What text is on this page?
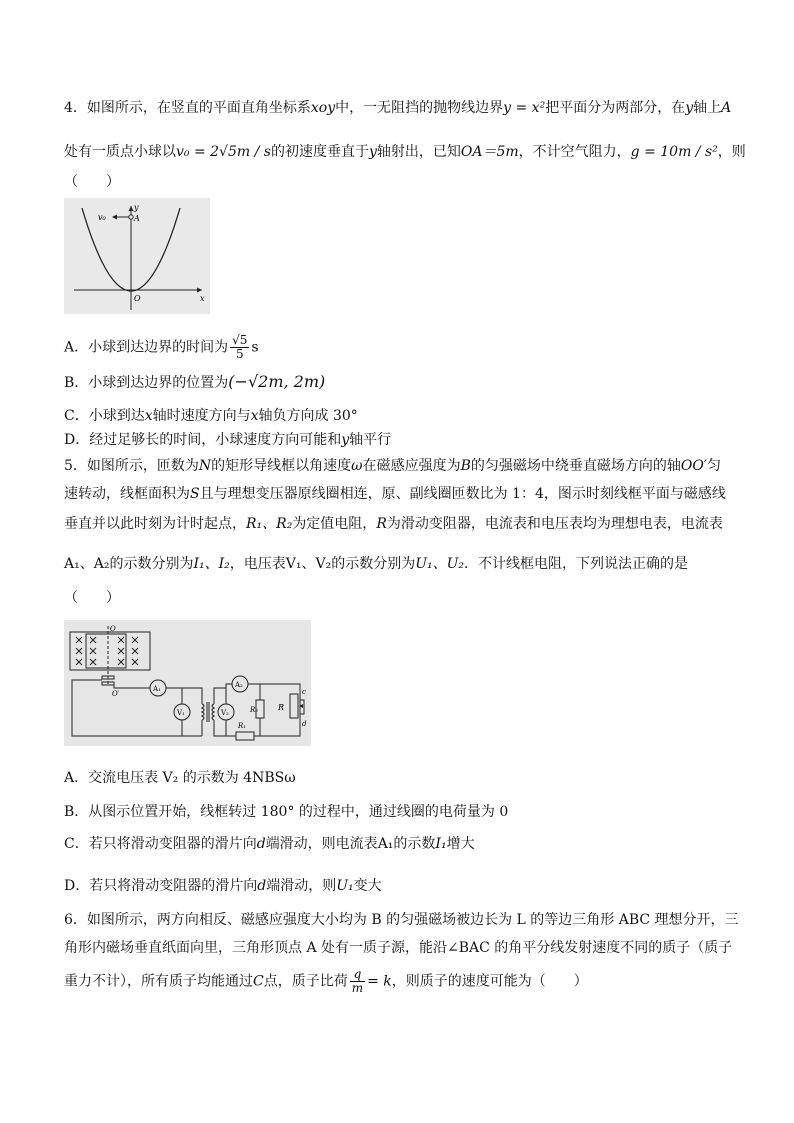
4．如图所示，在竖直的平面直角坐标系xoy中，一无阻挡的抛物线边界y = x²把平面分为两部分，在y轴上A
处有一质点小球以v₀ = 2√5m / s的初速度垂直于y轴射出，已知OA＝5m，不计空气阻力，g = 10m / s²，则
（　　）
v₀	A
y
O	x
A．小球到达边界的时间为 $\frac{√5}{5}$ s
B．小球到达边界的位置为(−√2m, 2m)
C．小球到达x轴时速度方向与x轴负方向成 30°
D．经过足够长的时间，小球速度方向可能和y轴平行
5．如图所示，匝数为N的矩形导线框以角速度ω在磁感应强度为B的匀强磁场中绕垂直磁场方向的轴OO′匀
速转动，线框面积为S且与理想变压器原线圈相连，原、副线圈匝数比为 1：4，图示时刻线框平面与磁感线
垂直并以此时刻为计时起点，R₁、R₂为定值电阻，R为滑动变阻器，电流表和电压表均为理想电表，电流表
A₁、A₂的示数分别为I₁、I₂，电压表V₁、V₂的示数分别为U₁、U₂．不计线框电阻，下列说法正确的是
（　　）
O
O′
A₁
V₁
A₂
V₂	R₂
R₁
R
c
d
A．交流电压表 V₂ 的示数为 4NBSω
B．从图示位置开始，线框转过 180° 的过程中，通过线圈的电荷量为 0
C．若只将滑动变阻器的滑片向d端滑动，则电流表A₁的示数I₁增大
D．若只将滑动变阻器的滑片向d端滑动，则U₁变大
6．如图所示，两方向相反、磁感应强度大小均为 B 的匀强磁场被边长为 L 的等边三角形 ABC 理想分开，三
角形内磁场垂直纸面向里，三角形顶点 A 处有一质子源，能沿∠BAC 的角平分线发射速度不同的质子（质子
重力不计），所有质子均能通过C点，质子比荷 $\frac{q}{m} = k$，则质子的速度可能为（　　）
